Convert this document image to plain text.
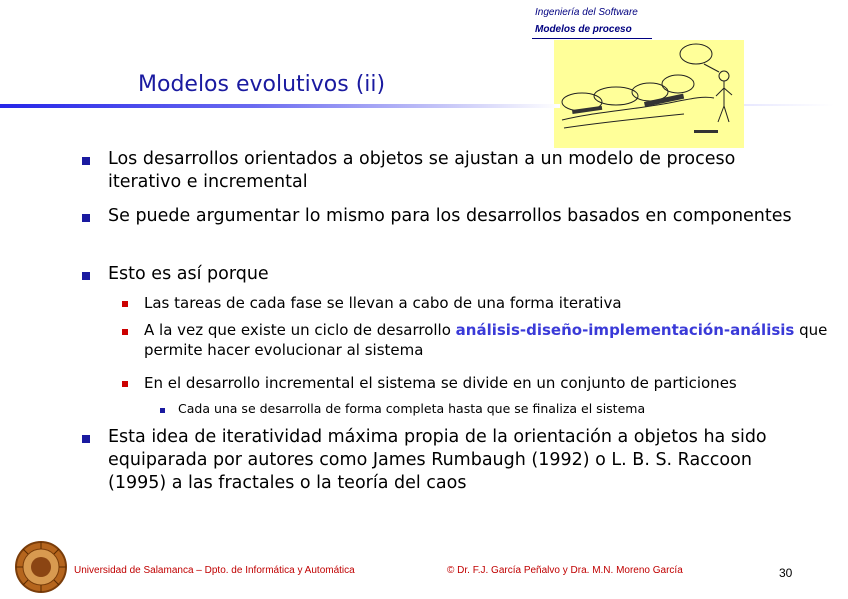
Ingeniería del Software
Modelos de proceso
Modelos evolutivos (ii)
Los desarrollos orientados a objetos se ajustan a un modelo de proceso iterativo e incremental
Se puede argumentar lo mismo para los desarrollos basados en componentes
Esto es así porque
Las tareas de cada fase se llevan a cabo de una forma iterativa
A la vez que existe un ciclo de desarrollo análisis-diseño-implementación-análisis que permite hacer evolucionar al sistema
En el desarrollo incremental el sistema se divide en un conjunto de particiones
Cada una se desarrolla de forma completa hasta que se finaliza el sistema
Esta idea de iteratividad máxima propia de la orientación a objetos ha sido equiparada por autores como James Rumbaugh (1992) o L. B. S. Raccoon (1995) a las fractales o la teoría del caos
Universidad de Salamanca – Dpto. de Informática y Automática	© Dr. F.J. García Peñalvo y Dra. M.N. Moreno García	30
